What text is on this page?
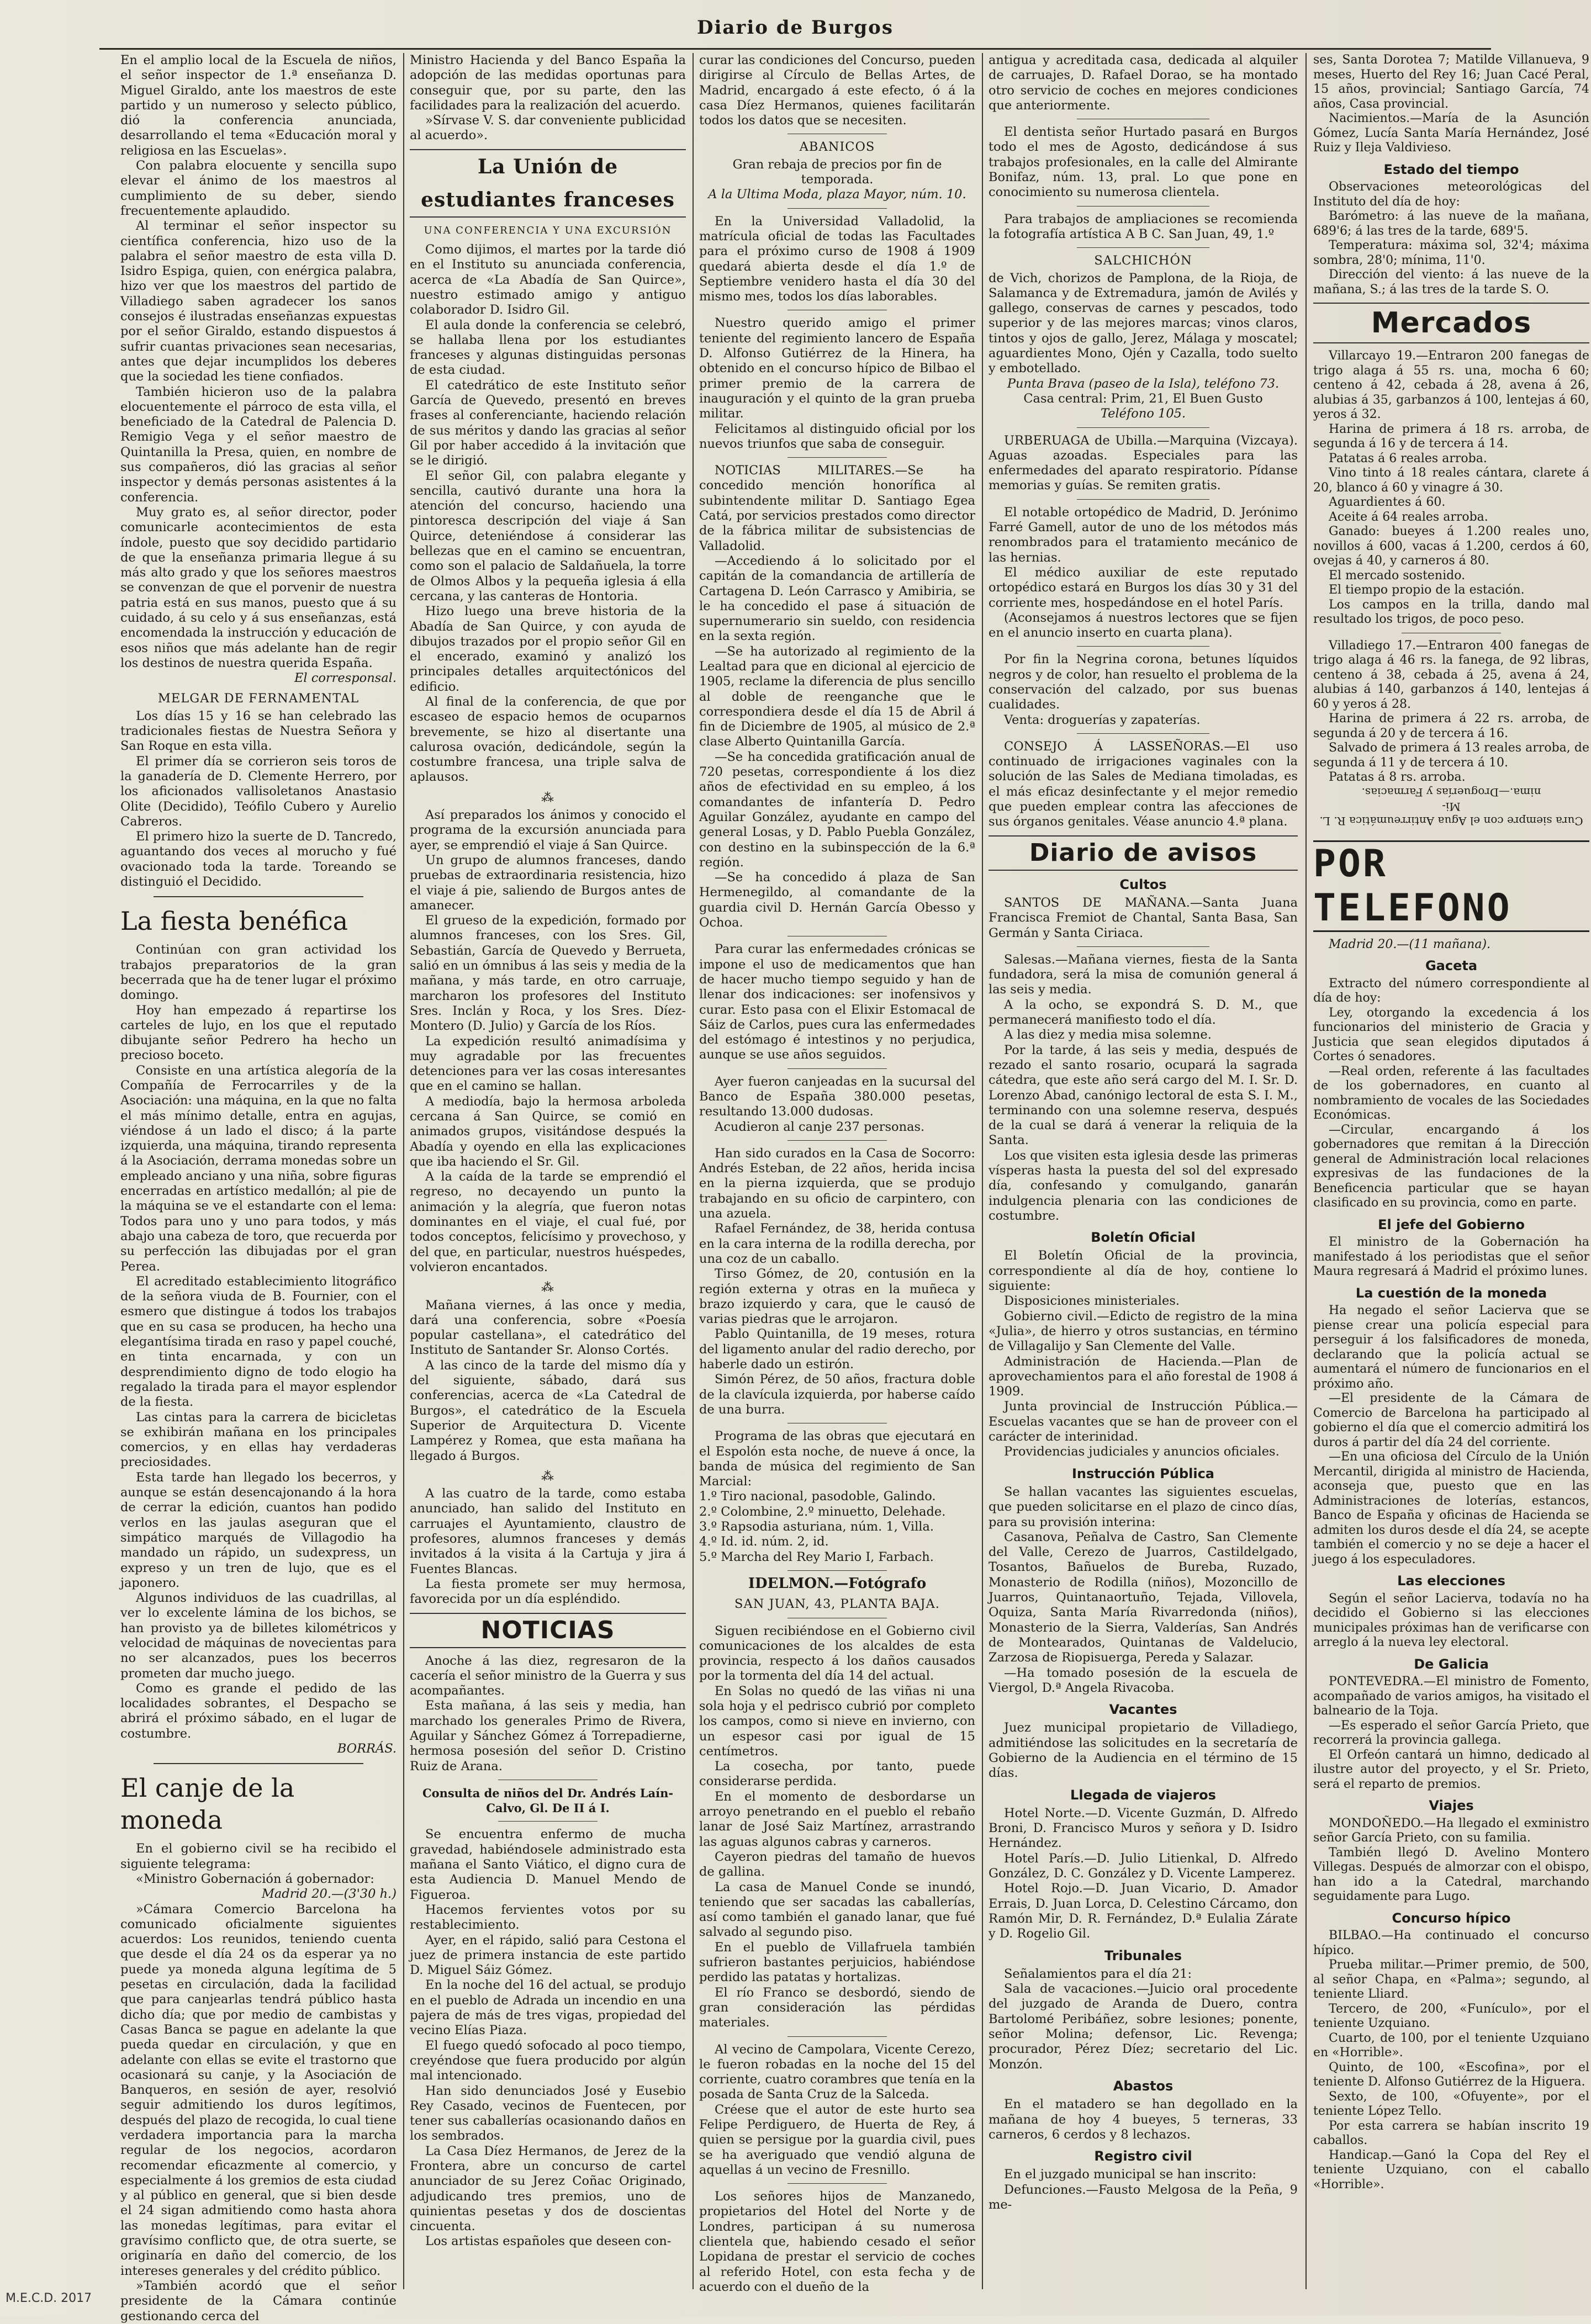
Diario de Burgos

En el amplio local de la Escuela de niños, el señor inspector de 1.ª enseñanza D. Miguel Giraldo, ante los maestros de este partido y un numeroso y selecto público, dió la conferencia anunciada, desarrollando el tema «Educación moral y religiosa en las Escuelas».

Con palabra elocuente y sencilla supo elevar el ánimo de los maestros al cumplimiento de su deber, siendo frecuentemente aplaudido.

Al terminar el señor inspector su científica conferencia, hizo uso de la palabra el señor maestro de esta villa D. Isidro Espiga, quien, con enérgica palabra, hizo ver que los maestros del partido de Villadiego saben agradecer los sanos consejos é ilustradas enseñanzas expuestas por el señor Giraldo, estando dispuestos á sufrir cuantas privaciones sean necesarias, antes que dejar incumplidos los deberes que la sociedad les tiene confiados.

También hicieron uso de la palabra elocuentemente el párroco de esta villa, el beneficiado de la Catedral de Palencia D. Remigio Vega y el señor maestro de Quintanilla la Presa, quien, en nombre de sus compañeros, dió las gracias al señor inspector y demás personas asistentes á la conferencia.

Muy grato es, al señor director, poder comunicarle acontecimientos de esta índole, puesto que soy decidido partidario de que la enseñanza primaria llegue á su más alto grado y que los señores maestros se convenzan de que el porvenir de nuestra patria está en sus manos, puesto que á su cuidado, á su celo y á sus enseñanzas, está encomendada la instrucción y educación de esos niños que más adelante han de regir los destinos de nuestra querida España.

El corresponsal.

MELGAR DE FERNAMENTAL

Los días 15 y 16 se han celebrado las tradicionales fiestas de Nuestra Señora y San Roque en esta villa.

El primer día se corrieron seis toros de la ganadería de D. Clemente Herrero, por los aficionados vallisoletanos Anastasio Olite (Decidido), Teófilo Cubero y Aurelio Cabreros.

El primero hizo la suerte de D. Tancredo, aguantando dos veces al morucho y fué ovacionado toda la tarde. Toreando se distinguió el Decidido.

La fiesta benéfica

Continúan con gran actividad los trabajos preparatorios de la gran becerrada que ha de tener lugar el próximo domingo.

Hoy han empezado á repartirse los carteles de lujo, en los que el reputado dibujante señor Pedrero ha hecho un precioso boceto.

Consiste en una artística alegoría de la Compañía de Ferrocarriles y de la Asociación: una máquina, en la que no falta el más mínimo detalle, entra en agujas, viéndose á un lado el disco; á la parte izquierda, una máquina, tirando representa á la Asociación, derrama monedas sobre un empleado anciano y una niña, sobre figuras encerradas en artístico medallón; al pie de la máquina se ve el estandarte con el lema: Todos para uno y uno para todos, y más abajo una cabeza de toro, que recuerda por su perfección las dibujadas por el gran Perea.

El acreditado establecimiento litográfico de la señora viuda de B. Fournier, con el esmero que distingue á todos los trabajos que en su casa se producen, ha hecho una elegantísima tirada en raso y papel couché, en tinta encarnada, y con un desprendimiento digno de todo elogio ha regalado la tirada para el mayor esplendor de la fiesta.

Las cintas para la carrera de bicicletas se exhibirán mañana en los principales comercios, y en ellas hay verdaderas preciosidades.

Esta tarde han llegado los becerros, y aunque se están desencajonando á la hora de cerrar la edición, cuantos han podido verlos en las jaulas aseguran que el simpático marqués de Villagodio ha mandado un rápido, un sudexpress, un expreso y un tren de lujo, que es el japonero.

Algunos individuos de las cuadrillas, al ver lo excelente lámina de los bichos, se han provisto ya de billetes kilométricos y velocidad de máquinas de novecientas para no ser alcanzados, pues los becerros prometen dar mucho juego.

Como es grande el pedido de las localidades sobrantes, el Despacho se abrirá el próximo sábado, en el lugar de costumbre.

BORRÁS.

El canje de la moneda

En el gobierno civil se ha recibido el siguiente telegrama:

«Ministro Gobernación á gobernador:

Madrid 20.—(3'30 h.)

»Cámara Comercio Barcelona ha comunicado oficialmente siguientes acuerdos: Los reunidos, teniendo cuenta que desde el día 24 os da esperar ya no puede ya moneda alguna legítima de 5 pesetas en circulación, dada la facilidad que para canjearlas tendrá público hasta dicho día; que por medio de cambistas y Casas Banca se pague en adelante la que pueda quedar en circulación, y que en adelante con ellas se evite el trastorno que ocasionará su canje, y la Asociación de Banqueros, en sesión de ayer, resolvió seguir admitiendo los duros legítimos, después del plazo de recogida, lo cual tiene verdadera importancia para la marcha regular de los negocios, acordaron recomendar eficazmente al comercio, y especialmente á los gremios de esta ciudad y al público en general, que si bien desde el 24 sigan admitiendo como hasta ahora las monedas legítimas, para evitar el gravísimo conflicto que, de otra suerte, se originaría en daño del comercio, de los intereses generales y del crédito público.

»También acordó que el señor presidente de la Cámara continúe gestionando cerca del

Ministro Hacienda y del Banco España la adopción de las medidas oportunas para conseguir que, por su parte, den las facilidades para la realización del acuerdo.

»Sírvase V. S. dar conveniente publicidad al acuerdo».

La Unión de estudiantes franceses
UNA CONFERENCIA Y UNA EXCURSIÓN

Como dijimos, el martes por la tarde dió en el Instituto su anunciada conferencia, acerca de «La Abadía de San Quirce», nuestro estimado amigo y antiguo colaborador D. Isidro Gil.

El aula donde la conferencia se celebró, se hallaba llena por los estudiantes franceses y algunas distinguidas personas de esta ciudad.

El catedrático de este Instituto señor García de Quevedo, presentó en breves frases al conferenciante, haciendo relación de sus méritos y dando las gracias al señor Gil por haber accedido á la invitación que se le dirigió.

El señor Gil, con palabra elegante y sencilla, cautivó durante una hora la atención del concurso, haciendo una pintoresca descripción del viaje á San Quirce, deteniéndose á considerar las bellezas que en el camino se encuentran, como son el palacio de Saldañuela, la torre de Olmos Albos y la pequeña iglesia á ella cercana, y las canteras de Hontoria.

Hizo luego una breve historia de la Abadía de San Quirce, y con ayuda de dibujos trazados por el propio señor Gil en el encerado, examinó y analizó los principales detalles arquitectónicos del edificio.

Al final de la conferencia, de que por escaseo de espacio hemos de ocuparnos brevemente, se hizo al disertante una calurosa ovación, dedicándole, según la costumbre francesa, una triple salva de aplausos.

⁂

Así preparados los ánimos y conocido el programa de la excursión anunciada para ayer, se emprendió el viaje á San Quirce.

Un grupo de alumnos franceses, dando pruebas de extraordinaria resistencia, hizo el viaje á pie, saliendo de Burgos antes de amanecer.

El grueso de la expedición, formado por alumnos franceses, con los Sres. Gil, Sebastián, García de Quevedo y Berrueta, salió en un ómnibus á las seis y media de la mañana, y más tarde, en otro carruaje, marcharon los profesores del Instituto Sres. Inclán y Roca, y los Sres. Díez-Montero (D. Julio) y García de los Ríos.

La expedición resultó animadísima y muy agradable por las frecuentes detenciones para ver las cosas interesantes que en el camino se hallan.

A mediodía, bajo la hermosa arboleda cercana á San Quirce, se comió en animados grupos, visitándose después la Abadía y oyendo en ella las explicaciones que iba haciendo el Sr. Gil.

A la caída de la tarde se emprendió el regreso, no decayendo un punto la animación y la alegría, que fueron notas dominantes en el viaje, el cual fué, por todos conceptos, felicísimo y provechoso, y del que, en particular, nuestros huéspedes, volvieron encantados.

⁂

Mañana viernes, á las once y media, dará una conferencia, sobre «Poesía popular castellana», el catedrático del Instituto de Santander Sr. Alonso Cortés.

A las cinco de la tarde del mismo día y del siguiente, sábado, dará sus conferencias, acerca de «La Catedral de Burgos», el catedrático de la Escuela Superior de Arquitectura D. Vicente Lampérez y Romea, que esta mañana ha llegado á Burgos.

⁂

A las cuatro de la tarde, como estaba anunciado, han salido del Instituto en carruajes el Ayuntamiento, claustro de profesores, alumnos franceses y demás invitados á la visita á la Cartuja y jira á Fuentes Blancas.

La fiesta promete ser muy hermosa, favorecida por un día espléndido.

NOTICIAS

Anoche á las diez, regresaron de la cacería el señor ministro de la Guerra y sus acompañantes.

Esta mañana, á las seis y media, han marchado los generales Primo de Rivera, Aguilar y Sánchez Gómez á Torrepadierne, hermosa posesión del señor D. Cristino Ruiz de Arana.

Consulta de niños del Dr. Andrés Laín-Calvo, Gl. De II á I.

Se encuentra enfermo de mucha gravedad, habiéndosele administrado esta mañana el Santo Viático, el digno cura de esta Audiencia D. Manuel Mendo de Figueroa.

Hacemos fervientes votos por su restablecimiento.

Ayer, en el rápido, salió para Cestona el juez de primera instancia de este partido D. Miguel Sáiz Gómez.

En la noche del 16 del actual, se produjo en el pueblo de Adrada un incendio en una pajera de más de tres vigas, propiedad del vecino Elías Piaza.

El fuego quedó sofocado al poco tiempo, creyéndose que fuera producido por algún mal intencionado.

Han sido denunciados José y Eusebio Rey Casado, vecinos de Fuentecen, por tener sus caballerías ocasionando daños en los sembrados.

La Casa Díez Hermanos, de Jerez de la Frontera, abre un concurso de cartel anunciador de su Jerez Coñac Originado, adjudicando tres premios, uno de quinientas pesetas y dos de doscientas cincuenta.

Los artistas españoles que deseen con-

curar las condiciones del Concurso, pueden dirigirse al Círculo de Bellas Artes, de Madrid, encargado á este efecto, ó á la casa Díez Hermanos, quienes facilitarán todos los datos que se necesiten.

ABANICOS

Gran rebaja de precios por fin de temporada.

A la Ultima Moda, plaza Mayor, núm. 10.

En la Universidad Valladolid, la matrícula oficial de todas las Facultades para el próximo curso de 1908 á 1909 quedará abierta desde el día 1.º de Septiembre venidero hasta el día 30 del mismo mes, todos los días laborables.

Nuestro querido amigo el primer teniente del regimiento lancero de España D. Alfonso Gutiérrez de la Hinera, ha obtenido en el concurso hípico de Bilbao el primer premio de la carrera de inauguración y el quinto de la gran prueba militar.

Felicitamos al distinguido oficial por los nuevos triunfos que saba de conseguir.

NOTICIAS MILITARES.—Se ha concedido mención honorífica al subintendente militar D. Santiago Egea Catá, por servicios prestados como director de la fábrica militar de subsistencias de Valladolid.

—Accediendo á lo solicitado por el capitán de la comandancia de artillería de Cartagena D. León Carrasco y Amibiria, se le ha concedido el pase á situación de supernumerario sin sueldo, con residencia en la sexta región.

—Se ha autorizado al regimiento de la Lealtad para que en dicional al ejercicio de 1905, reclame la diferencia de plus sencillo al doble de reenganche que le correspondiera desde el día 15 de Abril á fin de Diciembre de 1905, al músico de 2.ª clase Alberto Quintanilla García.

—Se ha concedida gratificación anual de 720 pesetas, correspondiente á los diez años de efectividad en su empleo, á los comandantes de infantería D. Pedro Aguilar González, ayudante en campo del general Losas, y D. Pablo Puebla González, con destino en la subinspección de la 6.ª región.

—Se ha concedido á plaza de San Hermenegildo, al comandante de la guardia civil D. Hernán García Obesso y Ochoa.

Para curar las enfermedades crónicas se impone el uso de medicamentos que han de hacer mucho tiempo seguido y han de llenar dos indicaciones: ser inofensivos y curar. Esto pasa con el Elixir Estomacal de Sáiz de Carlos, pues cura las enfermedades del estómago é intestinos y no perjudica, aunque se use años seguidos.

Ayer fueron canjeadas en la sucursal del Banco de España 380.000 pesetas, resultando 13.000 dudosas.

Acudieron al canje 237 personas.

Han sido curados en la Casa de Socorro: Andrés Esteban, de 22 años, herida incisa en la pierna izquierda, que se produjo trabajando en su oficio de carpintero, con una azuela.

Rafael Fernández, de 38, herida contusa en la cara interna de la rodilla derecha, por una coz de un caballo.

Tirso Gómez, de 20, contusión en la región externa y otras en la muñeca y brazo izquierdo y cara, que le causó de varias piedras que le arrojaron.

Pablo Quintanilla, de 19 meses, rotura del ligamento anular del radio derecho, por haberle dado un estirón.

Simón Pérez, de 50 años, fractura doble de la clavícula izquierda, por haberse caído de una burra.

Programa de las obras que ejecutará en el Espolón esta noche, de nueve á once, la banda de música del regimiento de San Marcial:

1.º Tiro nacional, pasodoble, Galindo.

2.º Colombine, 2.º minuetto, Delehade.

3.º Rapsodia asturiana, núm. 1, Villa.

4.º Id. id. núm. 2, id.

5.º Marcha del Rey Mario I, Farbach.

IDELMON.—Fotógrafo
SAN JUAN, 43, PLANTA BAJA.

Siguen recibiéndose en el Gobierno civil comunicaciones de los alcaldes de esta provincia, respecto á los daños causados por la tormenta del día 14 del actual.

En Solas no quedó de las viñas ni una sola hoja y el pedrisco cubrió por completo los campos, como si nieve en invierno, con un espesor casi por igual de 15 centímetros.

La cosecha, por tanto, puede considerarse perdida.

En el momento de desbordarse un arroyo penetrando en el pueblo el rebaño lanar de José Saiz Martínez, arrastrando las aguas algunos cabras y carneros.

Cayeron piedras del tamaño de huevos de gallina.

La casa de Manuel Conde se inundó, teniendo que ser sacadas las caballerías, así como también el ganado lanar, que fué salvado al segundo piso.

En el pueblo de Villafruela también sufrieron bastantes perjuicios, habiéndose perdido las patatas y hortalizas.

El río Franco se desbordó, siendo de gran consideración las pérdidas materiales.

Al vecino de Campolara, Vicente Cerezo, le fueron robadas en la noche del 15 del corriente, cuatro corambres que tenía en la posada de Santa Cruz de la Salceda.

Créese que el autor de este hurto sea Felipe Perdiguero, de Huerta de Rey, á quien se persigue por la guardia civil, pues se ha averiguado que vendió alguna de aquellas á un vecino de Fresnillo.

Los señores hijos de Manzanedo, propietarios del Hotel del Norte y de Londres, participan á su numerosa clientela que, habiendo cesado el señor Lopidana de prestar el servicio de coches al referido Hotel, con esta fecha y de acuerdo con el dueño de la

antigua y acreditada casa, dedicada al alquiler de carruajes, D. Rafael Dorao, se ha montado otro servicio de coches en mejores condiciones que anteriormente.

El dentista señor Hurtado pasará en Burgos todo el mes de Agosto, dedicándose á sus trabajos profesionales, en la calle del Almirante Bonifaz, núm. 13, pral. Lo que pone en conocimiento su numerosa clientela.

Para trabajos de ampliaciones se recomienda la fotografía artística A B C. San Juan, 49, 1.º

SALCHICHÓN

de Vich, chorizos de Pamplona, de la Rioja, de Salamanca y de Extremadura, jamón de Avilés y gallego, conservas de carnes y pescados, todo superior y de las mejores marcas; vinos claros, tintos y ojos de gallo, Jerez, Málaga y moscatel; aguardientes Mono, Ojén y Cazalla, todo suelto y embotellado.

Punta Brava (paseo de la Isla), teléfono 73.

Casa central: Prim, 21, El Buen Gusto

Teléfono 105.

URBERUAGA de Ubilla.—Marquina (Vizcaya). Aguas azoadas. Especiales para las enfermedades del aparato respiratorio. Pídanse memorias y guías. Se remiten gratis.

El notable ortopédico de Madrid, D. Jerónimo Farré Gamell, autor de uno de los métodos más renombrados para el tratamiento mecánico de las hernias.

El médico auxiliar de este reputado ortopédico estará en Burgos los días 30 y 31 del corriente mes, hospedándose en el hotel París.

(Aconsejamos á nuestros lectores que se fijen en el anuncio inserto en cuarta plana).

Por fin la Negrina corona, betunes líquidos negros y de color, han resuelto el problema de la conservación del calzado, por sus buenas cualidades.

Venta: droguerías y zapaterías.

CONSEJO Á LASSEÑORAS.—El uso continuado de irrigaciones vaginales con la solución de las Sales de Mediana timoladas, es el más eficaz desinfectante y el mejor remedio que pueden emplear contra las afecciones de sus órganos genitales. Véase anuncio 4.ª plana.

Diario de avisos
Cultos

SANTOS DE MAÑANA.—Santa Juana Francisca Fremiot de Chantal, Santa Basa, San Germán y Santa Ciriaca.

Salesas.—Mañana viernes, fiesta de la Santa fundadora, será la misa de comunión general á las seis y media.

A la ocho, se expondrá S. D. M., que permanecerá manifiesto todo el día.

A las diez y media misa solemne.

Por la tarde, á las seis y media, después de rezado el santo rosario, ocupará la sagrada cátedra, que este año será cargo del M. I. Sr. D. Lorenzo Abad, canónigo lectoral de esta S. I. M., terminando con una solemne reserva, después de la cual se dará á venerar la reliquia de la Santa.

Los que visiten esta iglesia desde las primeras vísperas hasta la puesta del sol del expresado día, confesando y comulgando, ganarán indulgencia plenaria con las condiciones de costumbre.

Boletín Oficial

El Boletín Oficial de la provincia, correspondiente al día de hoy, contiene lo siguiente:

Disposiciones ministeriales.

Gobierno civil.—Edicto de registro de la mina «Julia», de hierro y otros sustancias, en término de Villagalijo y San Clemente del Valle.

Administración de Hacienda.—Plan de aprovechamientos para el año forestal de 1908 á 1909.

Junta provincial de Instrucción Pública.—Escuelas vacantes que se han de proveer con el carácter de interinidad.

Providencias judiciales y anuncios oficiales.

Instrucción Pública

Se hallan vacantes las siguientes escuelas, que pueden solicitarse en el plazo de cinco días, para su provisión interina:

Casanova, Peñalva de Castro, San Clemente del Valle, Cerezo de Juarros, Castildelgado, Tosantos, Bañuelos de Bureba, Ruzado, Monasterio de Rodilla (niños), Mozoncillo de Juarros, Quintanaortuño, Tejada, Villovela, Oquiza, Santa María Rivarredonda (niños), Monasterio de la Sierra, Valderías, San Andrés de Montearados, Quintanas de Valdelucio, Zarzosa de Riopisuerga, Pereda y Salazar.

—Ha tomado posesión de la escuela de Viergol, D.ª Angela Rivacoba.

Vacantes

Juez municipal propietario de Villadiego, admitiéndose las solicitudes en la secretaría de Gobierno de la Audiencia en el término de 15 días.

Llegada de viajeros

Hotel Norte.—D. Vicente Guzmán, D. Alfredo Broni, D. Francisco Muros y señora y D. Isidro Hernández.

Hotel París.—D. Julio Litienkal, D. Alfredo González, D. C. González y D. Vicente Lamperez.

Hotel Rojo.—D. Juan Vicario, D. Amador Errais, D. Juan Lorca, D. Celestino Cárcamo, don Ramón Mir, D. R. Fernández, D.ª Eulalia Zárate y D. Rogelio Gil.

Tribunales

Señalamientos para el día 21:

Sala de vacaciones.—Juicio oral procedente del juzgado de Aranda de Duero, contra Bartolomé Peribáñez, sobre lesiones; ponente, señor Molina; defensor, Lic. Revenga; procurador, Pérez Díez; secretario del Lic. Monzón.

Abastos

En el matadero se han degollado en la mañana de hoy 4 bueyes, 5 terneras, 33 carneros, 6 cerdos y 8 lechazos.

Registro civil

En el juzgado municipal se han inscrito:

Defunciones.—Fausto Melgosa de la Peña, 9 me-

ses, Santa Dorotea 7; Matilde Villanueva, 9 meses, Huerto del Rey 16; Juan Cacé Peral, 15 años, provincial; Santiago García, 74 años, Casa provincial.

Nacimientos.—María de la Asunción Gómez, Lucía Santa María Hernández, José Ruiz y Ileja Valdivieso.

Estado del tiempo

Observaciones meteorológicas del Instituto del día de hoy:

Barómetro: á las nueve de la mañana, 689'6; á las tres de la tarde, 689'5.

Temperatura: máxima sol, 32'4; máxima sombra, 28'0; mínima, 11'0.

Dirección del viento: á las nueve de la mañana, S.; á las tres de la tarde S. O.

Mercados

Villarcayo 19.—Entraron 200 fanegas de trigo alaga á 55 rs. una, mocha 6 60; centeno á 42, cebada á 28, avena á 26, alubias á 35, garbanzos á 100, lentejas á 60, yeros á 32.

Harina de primera á 18 rs. arroba, de segunda á 16 y de tercera á 14.

Patatas á 6 reales arroba.

Vino tinto á 18 reales cántara, clarete á 20, blanco á 60 y vinagre á 30.

Aguardientes á 60.

Aceite á 64 reales arroba.

Ganado: bueyes á 1.200 reales uno, novillos á 600, vacas á 1.200, cerdos á 60, ovejas á 40, y carneros á 80.

El mercado sostenido.

El tiempo propio de la estación.

Los campos en la trilla, dando mal resultado los trigos, de poco peso.

Villadiego 17.—Entraron 400 fanegas de trigo alaga á 46 rs. la fanega, de 92 libras, centeno á 38, cebada á 25, avena á 24, alubias á 140, garbanzos á 140, lentejas á 60 y yeros á 28.

Harina de primera á 22 rs. arroba, de segunda á 20 y de tercera á 16.

Salvado de primera á 13 reales arroba, de segunda á 11 y de tercera á 10.

Patatas á 8 rs. arroba.

Cura siempre con el Agua Antirreumática R. L. Mi-
nima.—Droguerías y Farmacias.
POR TELEFONO

Madrid 20.—(11 mañana).

Gaceta

Extracto del número correspondiente al día de hoy:

Ley, otorgando la excedencia á los funcionarios del ministerio de Gracia y Justicia que sean elegidos diputados á Cortes ó senadores.

—Real orden, referente á las facultades de los gobernadores, en cuanto al nombramiento de vocales de las Sociedades Económicas.

—Circular, encargando á los gobernadores que remitan á la Dirección general de Administración local relaciones expresivas de las fundaciones de la Beneficencia particular que se hayan clasificado en su provincia, como en parte.

El jefe del Gobierno

El ministro de la Gobernación ha manifestado á los periodistas que el señor Maura regresará á Madrid el próximo lunes.

La cuestión de la moneda

Ha negado el señor Lacierva que se piense crear una policía especial para perseguir á los falsificadores de moneda, declarando que la policía actual se aumentará el número de funcionarios en el próximo año.

—El presidente de la Cámara de Comercio de Barcelona ha participado al gobierno el día que el comercio admitirá los duros á partir del día 24 del corriente.

—En una oficiosa del Círculo de la Unión Mercantil, dirigida al ministro de Hacienda, aconseja que, puesto que en las Administraciones de loterías, estancos, Banco de España y oficinas de Hacienda se admiten los duros desde el día 24, se acepte también el comercio y no se deje a hacer el juego á los especuladores.

Las elecciones

Según el señor Lacierva, todavía no ha decidido el Gobierno si las elecciones municipales próximas han de verificarse con arreglo á la nueva ley electoral.

De Galicia

PONTEVEDRA.—El ministro de Fomento, acompañado de varios amigos, ha visitado el balneario de la Toja.

—Es esperado el señor García Prieto, que recorrerá la provincia gallega.

El Orfeón cantará un himno, dedicado al ilustre autor del proyecto, y el Sr. Prieto, será el reparto de premios.

Viajes

MONDOÑEDO.—Ha llegado el exministro señor García Prieto, con su familia.

También llegó D. Avelino Montero Villegas. Después de almorzar con el obispo, han ido a la Catedral, marchando seguidamente para Lugo.

Concurso hípico

BILBAO.—Ha continuado el concurso hípico.

Prueba militar.—Primer premio, de 500, al señor Chapa, en «Palma»; segundo, al teniente Lliard.

Tercero, de 200, «Funículo», por el teniente Uzquiano.

Cuarto, de 100, por el teniente Uzquiano en «Horrible».

Quinto, de 100, «Escofina», por el teniente D. Alfonso Gutiérrez de la Higuera.

Sexto, de 100, «Ofuyente», por el teniente López Tello.

Por esta carrera se habían inscrito 19 caballos.

Handicap.—Ganó la Copa del Rey el teniente Uzquiano, con el caballo «Horrible».

M.E.C.D. 2017
